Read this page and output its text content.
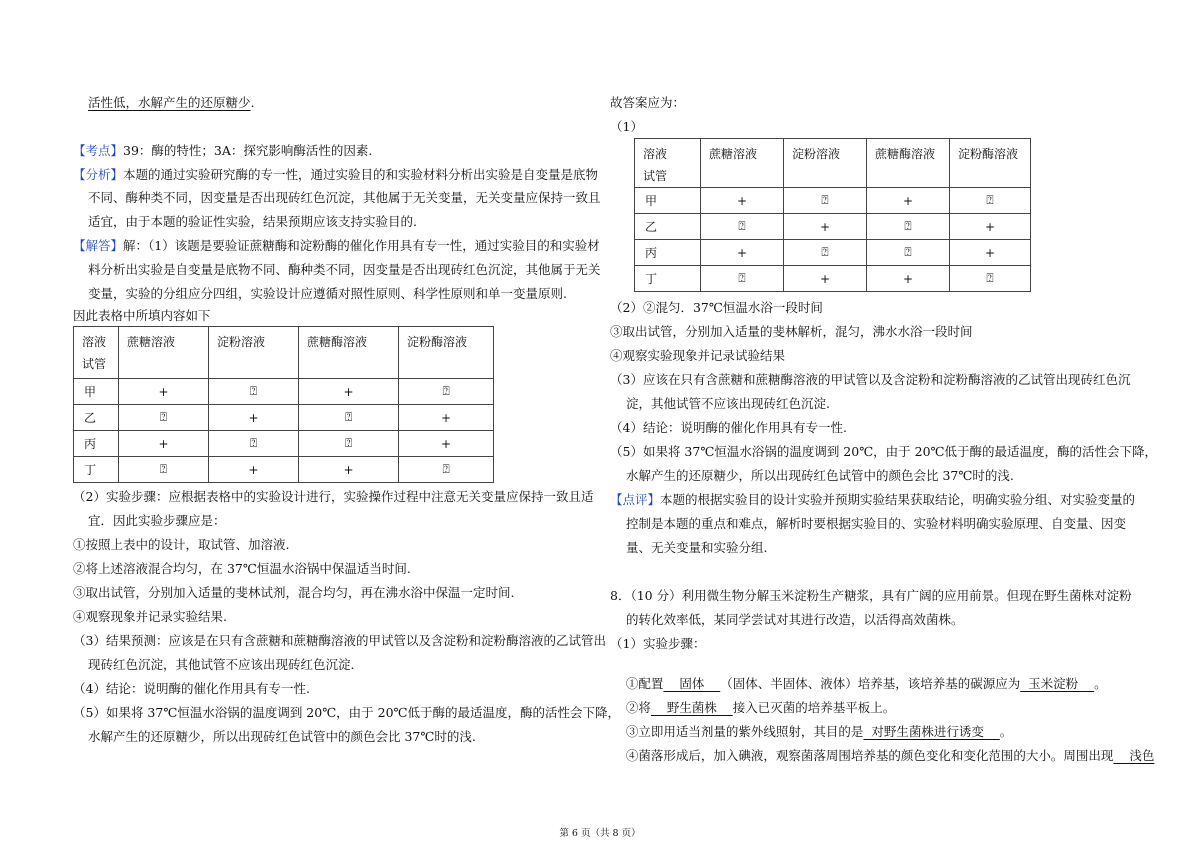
活性低，水解产生的还原糖少.
【考点】39：酶的特性；3A：探究影响酶活性的因素.
【分析】本题的通过实验研究酶的专一性，通过实验目的和实验材料分析出实验是自变量是底物
不同、酶种类不同，因变量是否出现砖红色沉淀，其他属于无关变量，无关变量应保持一致且
适宜，由于本题的验证性实验，结果预期应该支持实验目的.
【解答】解：（1）该题是要验证蔗糖酶和淀粉酶的催化作用具有专一性，通过实验目的和实验材
料分析出实验是自变量是底物不同、酶种类不同，因变量是否出现砖红色沉淀，其他属于无关
变量，实验的分组应分四组，实验设计应遵循对照性原则、科学性原则和单一变量原则.
因此表格中所填内容如下
溶液
试管	蔗糖溶液	淀粉溶液	蔗糖酶溶液	淀粉酶溶液
甲	+	⍰	+	⍰
乙	⍰	+	⍰	+
丙	+	⍰	⍰	+
丁	⍰	+	+	⍰
（2）实验步骤：应根据表格中的实验设计进行，实验操作过程中注意无关变量应保持一致且适
宜．因此实验步骤应是：
①按照上表中的设计，取试管、加溶液.
②将上述溶液混合均匀，在 37℃恒温水浴锅中保温适当时间.
③取出试管，分别加入适量的斐林试剂，混合均匀，再在沸水浴中保温一定时间.
④观察现象并记录实验结果.
（3）结果预测：应该是在只有含蔗糖和蔗糖酶溶液的甲试管以及含淀粉和淀粉酶溶液的乙试管出
现砖红色沉淀，其他试管不应该出现砖红色沉淀.
（4）结论：说明酶的催化作用具有专一性.
（5）如果将 37℃恒温水浴锅的温度调到 20℃，由于 20℃低于酶的最适温度，酶的活性会下降，
水解产生的还原糖少，所以出现砖红色试管中的颜色会比 37℃时的浅.
故答案应为：
（1）
溶液
试管	蔗糖溶液	淀粉溶液	蔗糖酶溶液	淀粉酶溶液
甲	+	⍰	+	⍰
乙	⍰	+	⍰	+
丙	+	⍰	⍰	+
丁	⍰	+	+	⍰
（2）②混匀．37℃恒温水浴一段时间
③取出试管，分别加入适量的斐林解析，混匀，沸水水浴一段时间
④观察实验现象并记录试验结果
（3）应该在只有含蔗糖和蔗糖酶溶液的甲试管以及含淀粉和淀粉酶溶液的乙试管出现砖红色沉
淀，其他试管不应该出现砖红色沉淀.
（4）结论：说明酶的催化作用具有专一性.
（5）如果将 37℃恒温水浴锅的温度调到 20℃，由于 20℃低于酶的最适温度，酶的活性会下降，
水解产生的还原糖少，所以出现砖红色试管中的颜色会比 37℃时的浅.
【点评】本题的根据实验目的设计实验并预期实验结果获取结论，明确实验分组、对实验变量的
控制是本题的重点和难点，解析时要根据实验目的、实验材料明确实验原理、自变量、因变
量、无关变量和实验分组.
8．（10 分）利用微生物分解玉米淀粉生产糖浆，具有广阔的应用前景。但现在野生菌株对淀粉
的转化效率低，某同学尝试对其进行改造，以活得高效菌株。
（1）实验步骤：

①配置    固体    （固体、半固体、液体）培养基，该培养基的碳源应为  玉米淀粉    。

②将    野生菌株    接入已灭菌的培养基平板上。

③立即用适当剂量的紫外线照射，其目的是  对野生菌株进行诱变    。

④菌落形成后，加入碘液，观察菌落周围培养基的颜色变化和变化范围的大小。周围出现    浅色

第 6 页（共 8 页）
